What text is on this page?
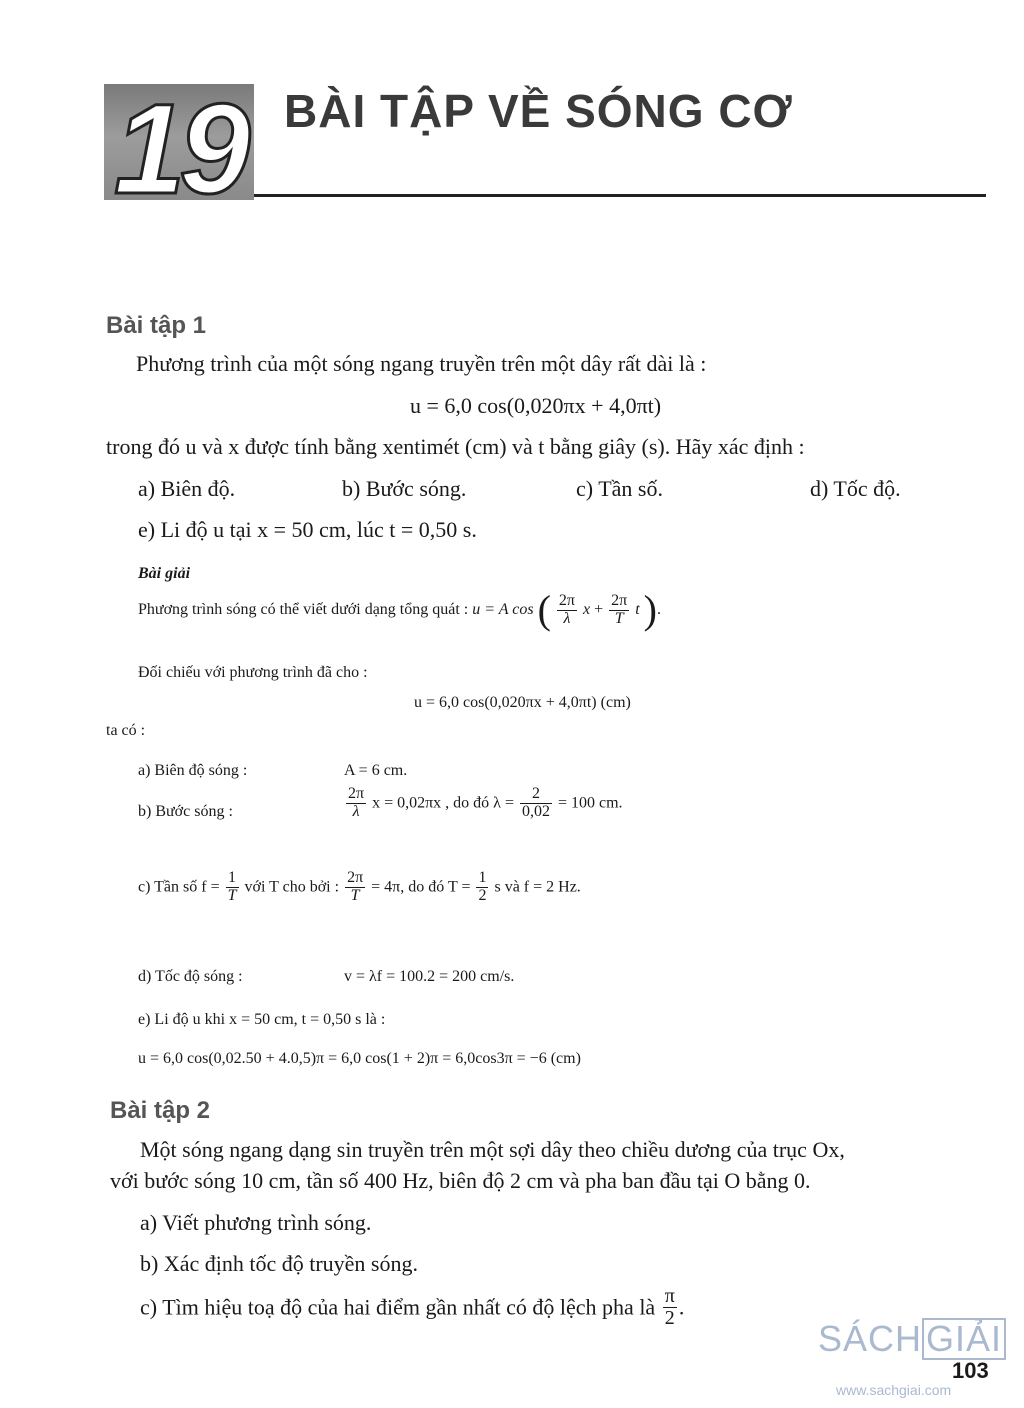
19 BÀI TẬP VỀ SÓNG CƠ
Bài tập 1
Phương trình của một sóng ngang truyền trên một dây rất dài là :
u = 6,0 cos(0,020πx + 4,0πt)
trong đó u và x được tính bằng xentimét (cm) và t bằng giây (s). Hãy xác định :
a) Biên độ.	b) Bước sóng.	c) Tần số.	d) Tốc độ.
e) Li độ u tại x = 50 cm, lúc t = 0,50 s.
Bài giải
Phương trình sóng có thể viết dưới dạng tổng quát : u = A cos ( $\frac{2\pi}{\lambda}$ $x + \frac{2\pi}{T}$ t ).
Đối chiếu với phương trình đã cho :
u = 6,0 cos(0,020πx + 4,0πt) (cm)
ta có :
a) Biên độ sóng :	A = 6 cm.
b) Bước sóng :	$\frac{2\pi}{\lambda}$ x = 0,02πx , do đó $\lambda = \frac{2}{0,02} = 100$ cm.
c) Tần số $f = \frac{1}{T}$ với T cho bởi : $\frac{2\pi}{T} = 4\pi$, do đó $T = \frac{1}{2}$ s và f = 2 Hz.
d) Tốc độ sóng :	v = λf = 100.2 = 200 cm/s.
e) Li độ u khi x = 50 cm, t = 0,50 s là :
u = 6,0 cos(0,02.50 + 4.0,5)π = 6,0 cos(1 + 2)π = 6,0cos3π = −6 (cm)
Bài tập 2
Một sóng ngang dạng sin truyền trên một sợi dây theo chiều dương của trục Ox,
với bước sóng 10 cm, tần số 400 Hz, biên độ 2 cm và pha ban đầu tại O bằng 0.
a) Viết phương trình sóng.
b) Xác định tốc độ truyền sóng.
c) Tìm hiệu toạ độ của hai điểm gần nhất có độ lệch pha là $\frac{\pi}{2}$ .
SÁCH GIẢI
103
www.sachgiai.com
